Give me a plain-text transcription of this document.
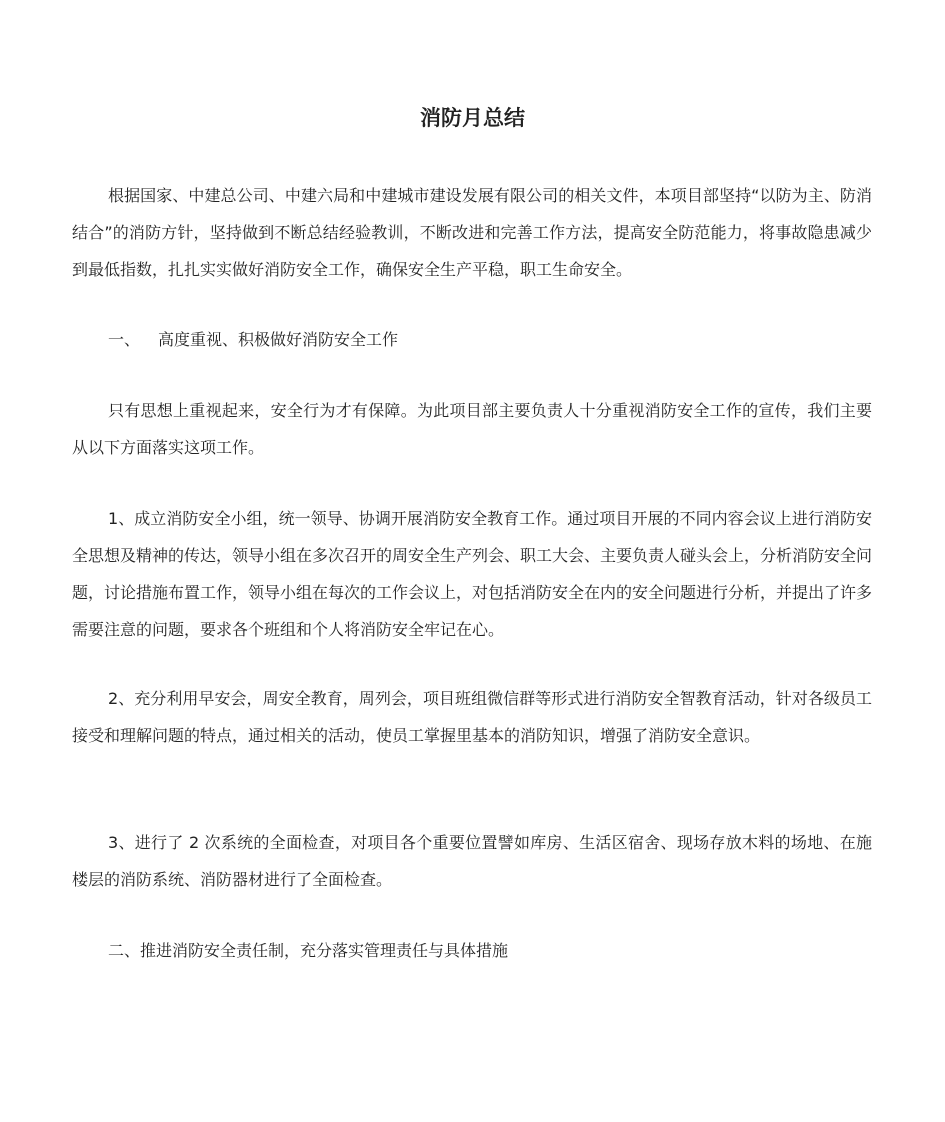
消防月总结

根据国家、中建总公司、中建六局和中建城市建设发展有限公司的相关文件，本项目部坚持“以防为主、防消结合”的消防方针，坚持做到不断总结经验教训，不断改进和完善工作方法，提高安全防范能力，将事故隐患减少到最低指数，扎扎实实做好消防安全工作，确保安全生产平稳，职工生命安全。

一、 高度重视、积极做好消防安全工作

只有思想上重视起来，安全行为才有保障。为此项目部主要负责人十分重视消防安全工作的宣传，我们主要从以下方面落实这项工作。

1、成立消防安全小组，统一领导、协调开展消防安全教育工作。通过项目开展的不同内容会议上进行消防安全思想及精神的传达，领导小组在多次召开的周安全生产列会、职工大会、主要负责人碰头会上，分析消防安全问题，讨论措施布置工作，领导小组在每次的工作会议上，对包括消防安全在内的安全问题进行分析，并提出了许多需要注意的问题，要求各个班组和个人将消防安全牢记在心。

2、充分利用早安会，周安全教育，周列会，项目班组微信群等形式进行消防安全智教育活动，针对各级员工接受和理解问题的特点，通过相关的活动，使员工掌握里基本的消防知识，增强了消防安全意识。

3、进行了 2 次系统的全面检查，对项目各个重要位置譬如库房、生活区宿舍、现场存放木料的场地、在施楼层的消防系统、消防器材进行了全面检查。

二、推进消防安全责任制，充分落实管理责任与具体措施
